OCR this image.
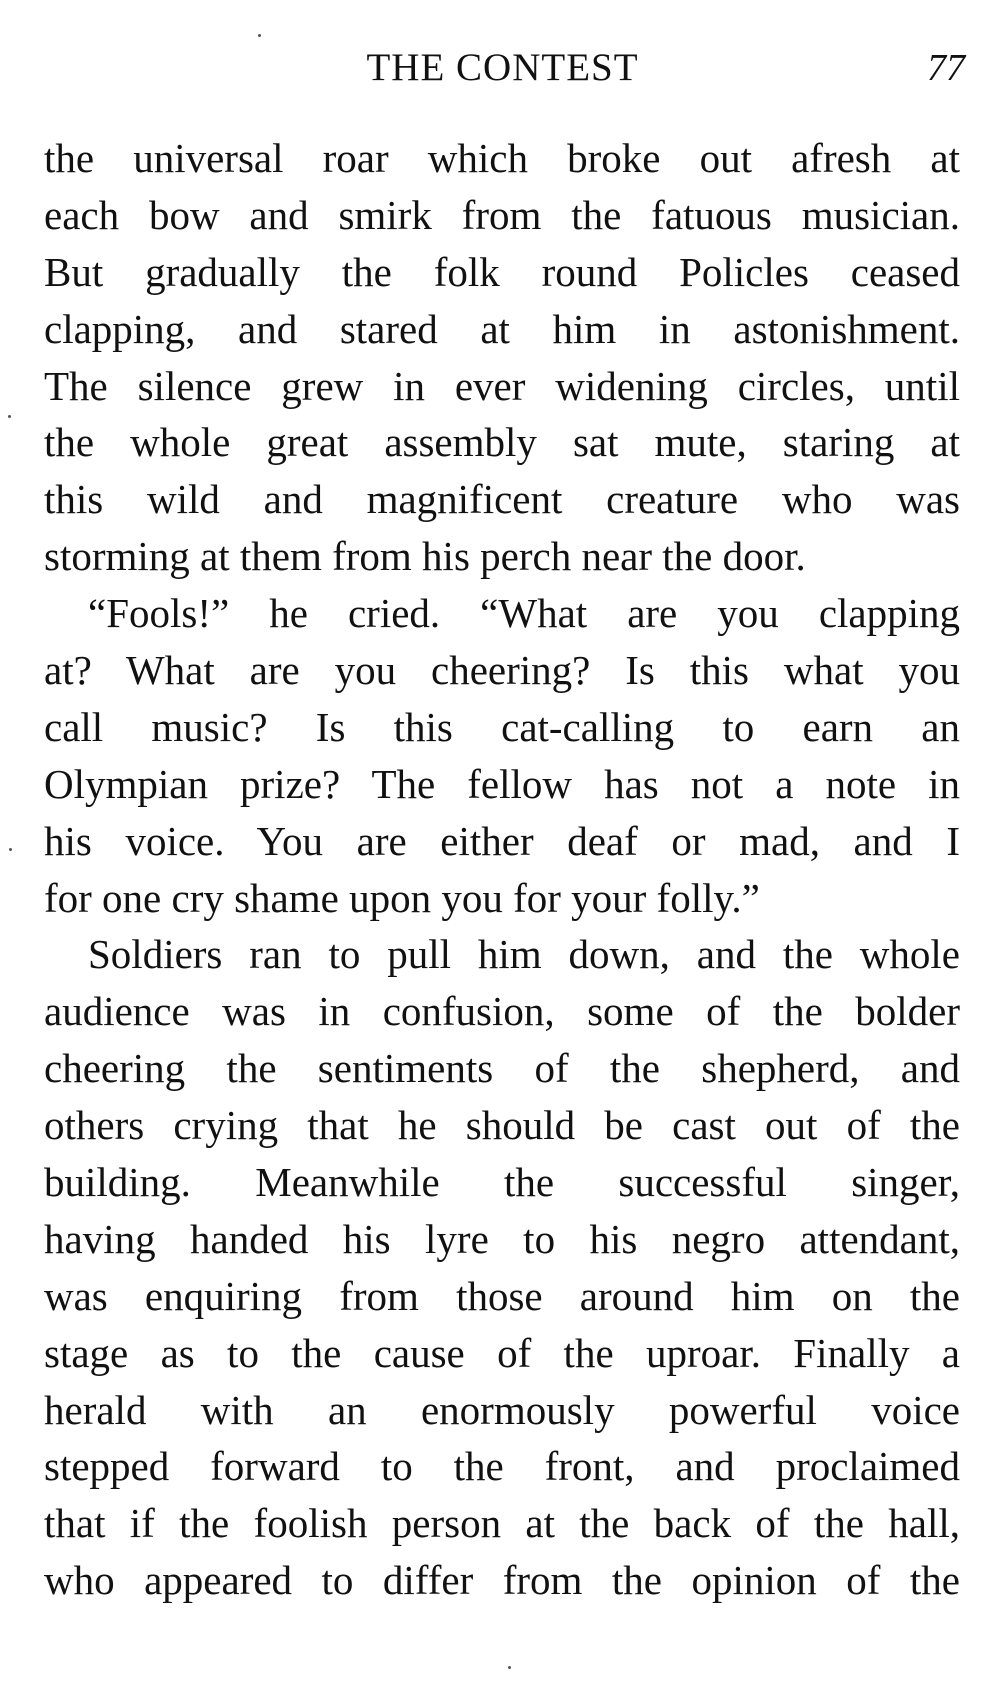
THE CONTEST	77
the universal roar which broke out afresh at
each bow and smirk from the fatuous musician.
But gradually the folk round Policles ceased
clapping, and stared at him in astonishment.
The silence grew in ever widening circles, until
the whole great assembly sat mute, staring at
this wild and magnificent creature who was
storming at them from his perch near the door.
“Fools!” he cried. “What are you clapping
at? What are you cheering? Is this what you
call music? Is this cat-calling to earn an
Olympian prize? The fellow has not a note in
his voice. You are either deaf or mad, and I
for one cry shame upon you for your folly.”
Soldiers ran to pull him down, and the whole
audience was in confusion, some of the bolder
cheering the sentiments of the shepherd, and
others crying that he should be cast out of the
building. Meanwhile the successful singer,
having handed his lyre to his negro attendant,
was enquiring from those around him on the
stage as to the cause of the uproar. Finally a
herald with an enormously powerful voice
stepped forward to the front, and proclaimed
that if the foolish person at the back of the hall,
who appeared to differ from the opinion of the
